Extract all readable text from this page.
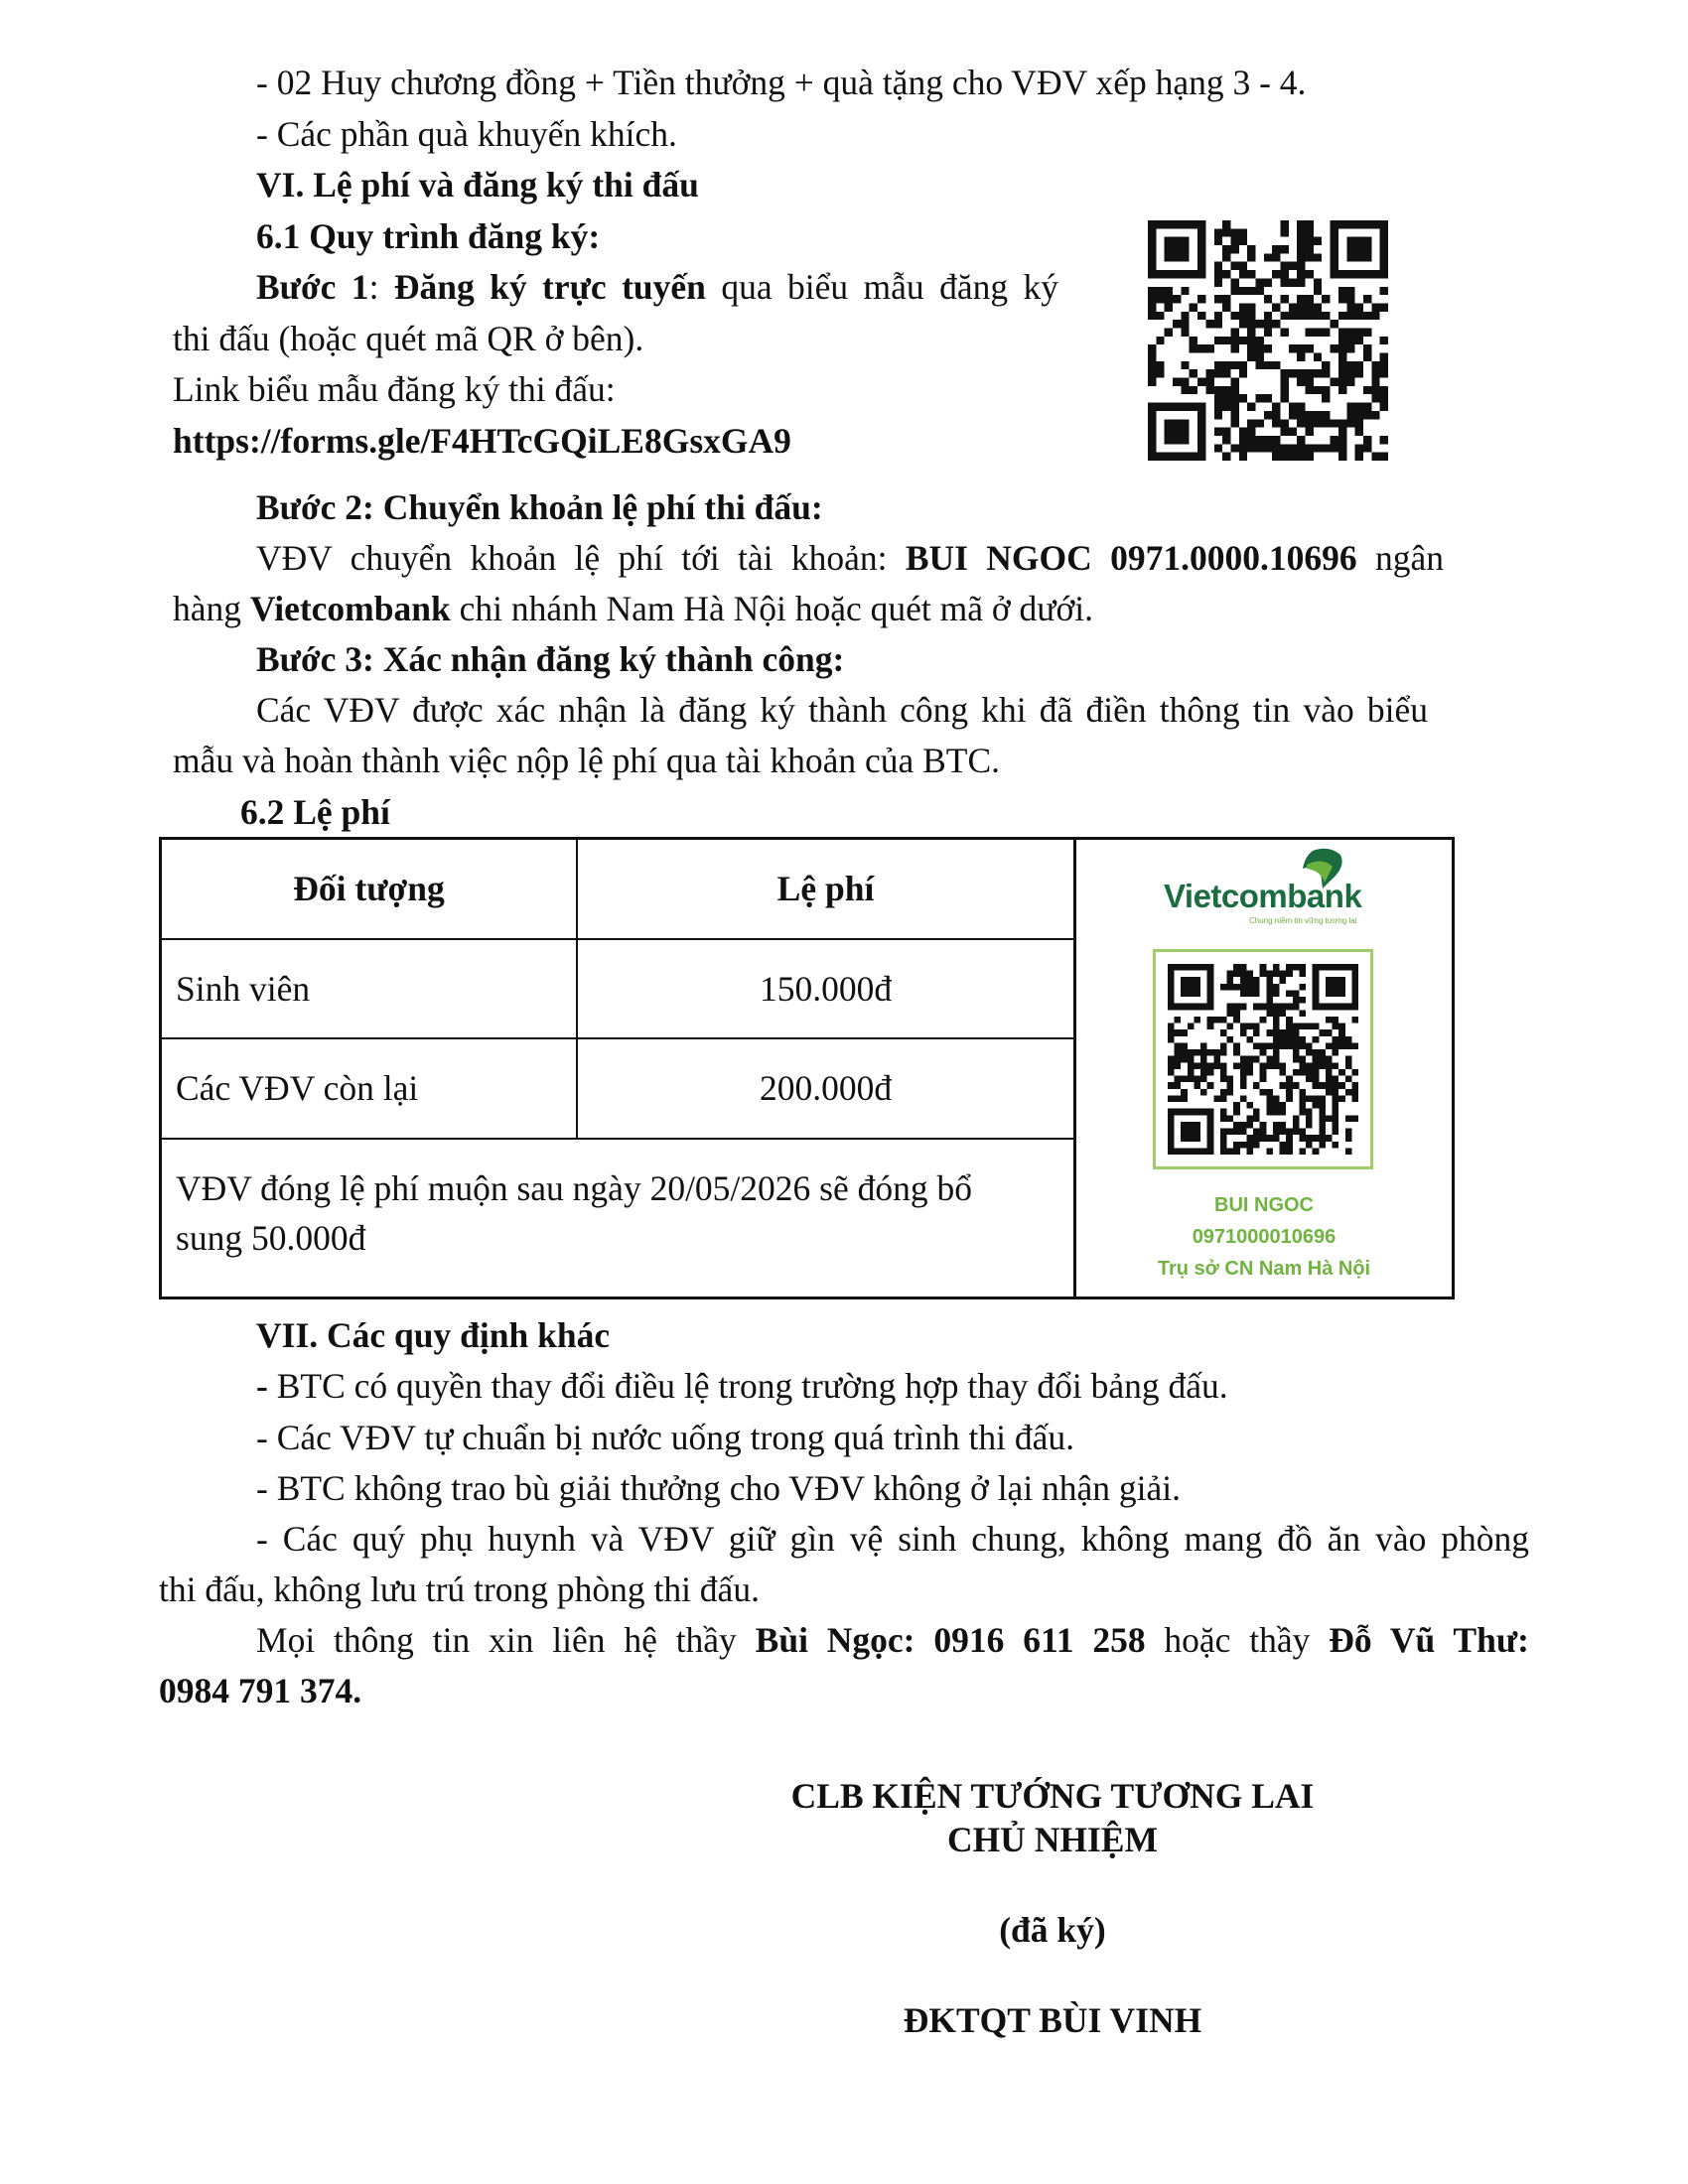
- 02 Huy chương đồng + Tiền thưởng + quà tặng cho VĐV xếp hạng 3 - 4.
- Các phần quà khuyến khích.
VI. Lệ phí và đăng ký thi đấu
6.1 Quy trình đăng ký:
Bước 1: Đăng ký trực tuyến qua biểu mẫu đăng ký
thi đấu (hoặc quét mã QR ở bên).
Link biểu mẫu đăng ký thi đấu:
https://forms.gle/F4HTcGQiLE8GsxGA9
Bước 2: Chuyển khoản lệ phí thi đấu:
VĐV chuyển khoản lệ phí tới tài khoản: BUI NGOC 0971.0000.10696 ngân
hàng Vietcombank chi nhánh Nam Hà Nội hoặc quét mã ở dưới.
Bước 3: Xác nhận đăng ký thành công:
Các VĐV được xác nhận là đăng ký thành công khi đã điền thông tin vào biểu
mẫu và hoàn thành việc nộp lệ phí qua tài khoản của BTC.
6.2 Lệ phí
Đối tượng	Lệ phí
Sinh viên	150.000đ
Các VĐV còn lại	200.000đ
VĐV đóng lệ phí muộn sau ngày 20/05/2026 sẽ đóng bổ
sung 50.000đ
Vietcombank
Chung niềm tin vững tương lai
BUI NGOC
0971000010696
Trụ sở CN Nam Hà Nội
VII. Các quy định khác
- BTC có quyền thay đổi điều lệ trong trường hợp thay đổi bảng đấu.
- Các VĐV tự chuẩn bị nước uống trong quá trình thi đấu.
- BTC không trao bù giải thưởng cho VĐV không ở lại nhận giải.
- Các quý phụ huynh và VĐV giữ gìn vệ sinh chung, không mang đồ ăn vào phòng
thi đấu, không lưu trú trong phòng thi đấu.
Mọi thông tin xin liên hệ thầy Bùi Ngọc: 0916 611 258 hoặc thầy Đỗ Vũ Thư:
0984 791 374.
CLB KIỆN TƯỚNG TƯƠNG LAI
CHỦ NHIỆM
(đã ký)
ĐKTQT BÙI VINH
